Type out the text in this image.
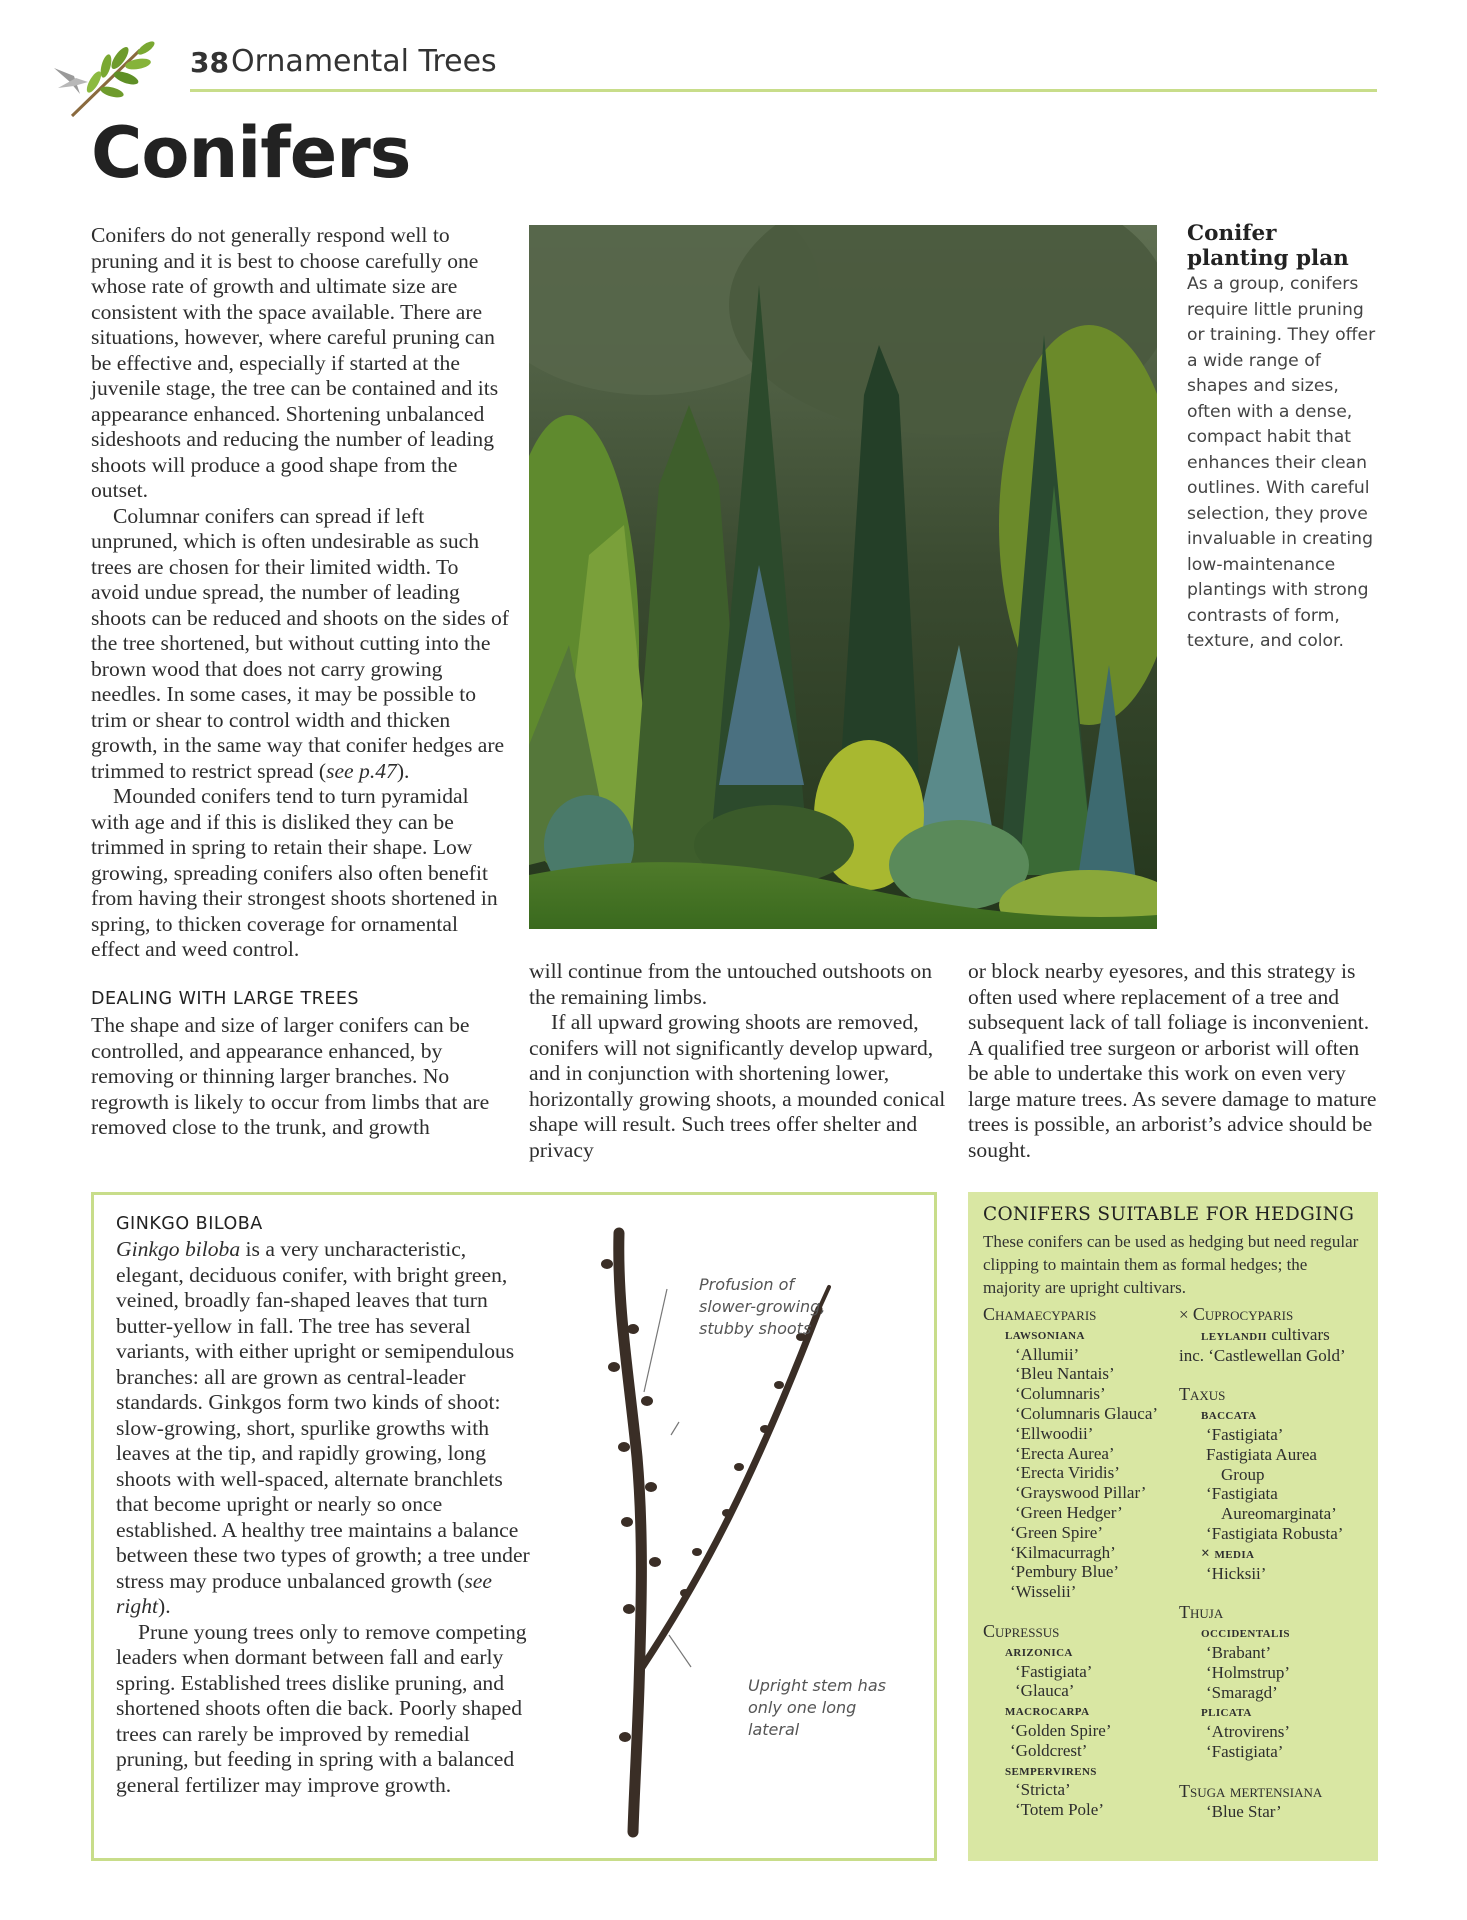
38 Ornamental Trees
Conifers

Conifers do not generally respond well to pruning and it is best to choose carefully one whose rate of growth and ultimate size are consistent with the space available. There are situations, however, where careful pruning can be effective and, especially if started at the juvenile stage, the tree can be contained and its appearance enhanced. Shortening unbalanced sideshoots and reducing the number of leading shoots will produce a good shape from the outset.

Columnar conifers can spread if left unpruned, which is often undesirable as such trees are chosen for their limited width. To avoid undue spread, the number of leading shoots can be reduced and shoots on the sides of the tree shortened, but without cutting into the brown wood that does not carry growing needles. In some cases, it may be possible to trim or shear to control width and thicken growth, in the same way that conifer hedges are trimmed to restrict spread (see p.47).

Mounded conifers tend to turn pyramidal with age and if this is disliked they can be trimmed in spring to retain their shape. Low growing, spreading conifers also often benefit from having their strongest shoots shortened in spring, to thicken coverage for ornamental effect and weed control.

DEALING WITH LARGE TREES

The shape and size of larger conifers can be controlled, and appearance enhanced, by removing or thinning larger branches. No regrowth is likely to occur from limbs that are removed close to the trunk, and growth

Conifer planting plan
As a group, conifers require little pruning or training. They offer a wide range of shapes and sizes, often with a dense, compact habit that enhances their clean outlines. With careful selection, they prove invaluable in creating low-maintenance plantings with strong contrasts of form, texture, and color.

will continue from the untouched outshoots on the remaining limbs.

If all upward growing shoots are removed, conifers will not significantly develop upward, and in conjunction with shortening lower, horizontally growing shoots, a mounded conical shape will result. Such trees offer shelter and privacy

or block nearby eyesores, and this strategy is often used where replacement of a tree and subsequent lack of tall foliage is inconvenient. A qualified tree surgeon or arborist will often be able to undertake this work on even very large mature trees. As severe damage to mature trees is possible, an arborist’s advice should be sought.

GINKGO BILOBA

Ginkgo biloba is a very uncharacteristic, elegant, deciduous conifer, with bright green, veined, broadly fan-shaped leaves that turn butter-yellow in fall. The tree has several variants, with either upright or semipendulous branches: all are grown as central-leader standards. Ginkgos form two kinds of shoot: slow-growing, short, spurlike growths with leaves at the tip, and rapidly growing, long shoots with well-spaced, alternate branchlets that become upright or nearly so once established. A healthy tree maintains a balance between these two types of growth; a tree under stress may produce unbalanced growth (see right).

Prune young trees only to remove competing leaders when dormant between fall and early spring. Established trees dislike pruning, and shortened shoots often die back. Poorly shaped trees can rarely be improved by remedial pruning, but feeding in spring with a balanced general fertilizer may improve growth.

Profusion of slower-growing, stubby shoots
Upright stem has only one long lateral
CONIFERS SUITABLE FOR HEDGING
These conifers can be used as hedging but need regular clipping to maintain them as formal hedges; the majority are upright cultivars.
Chamaecyparis
lawsoniana
‘Allumii’
‘Bleu Nantais’
‘Columnaris’
‘Columnaris Glauca’
‘Ellwoodii’
‘Erecta Aurea’
‘Erecta Viridis’
‘Grayswood Pillar’
‘Green Hedger’
‘Green Spire’
‘Kilmacurragh’
‘Pembury Blue’
‘Wisselii’
Cupressus
arizonica
‘Fastigiata’
‘Glauca’
macrocarpa
‘Golden Spire’
‘Goldcrest’
sempervirens
‘Stricta’
‘Totem Pole’
× Cuprocyparis
leylandii cultivars
inc. ‘Castlewellan Gold’
Taxus
baccata
‘Fastigiata’
Fastigiata Aurea
Group
‘Fastigiata
Aureomarginata’
‘Fastigiata Robusta’
× media
‘Hicksii’
Thuja
occidentalis
‘Brabant’
‘Holmstrup’
‘Smaragd’
plicata
‘Atrovirens’
‘Fastigiata’
Tsuga mertensiana
‘Blue Star’
